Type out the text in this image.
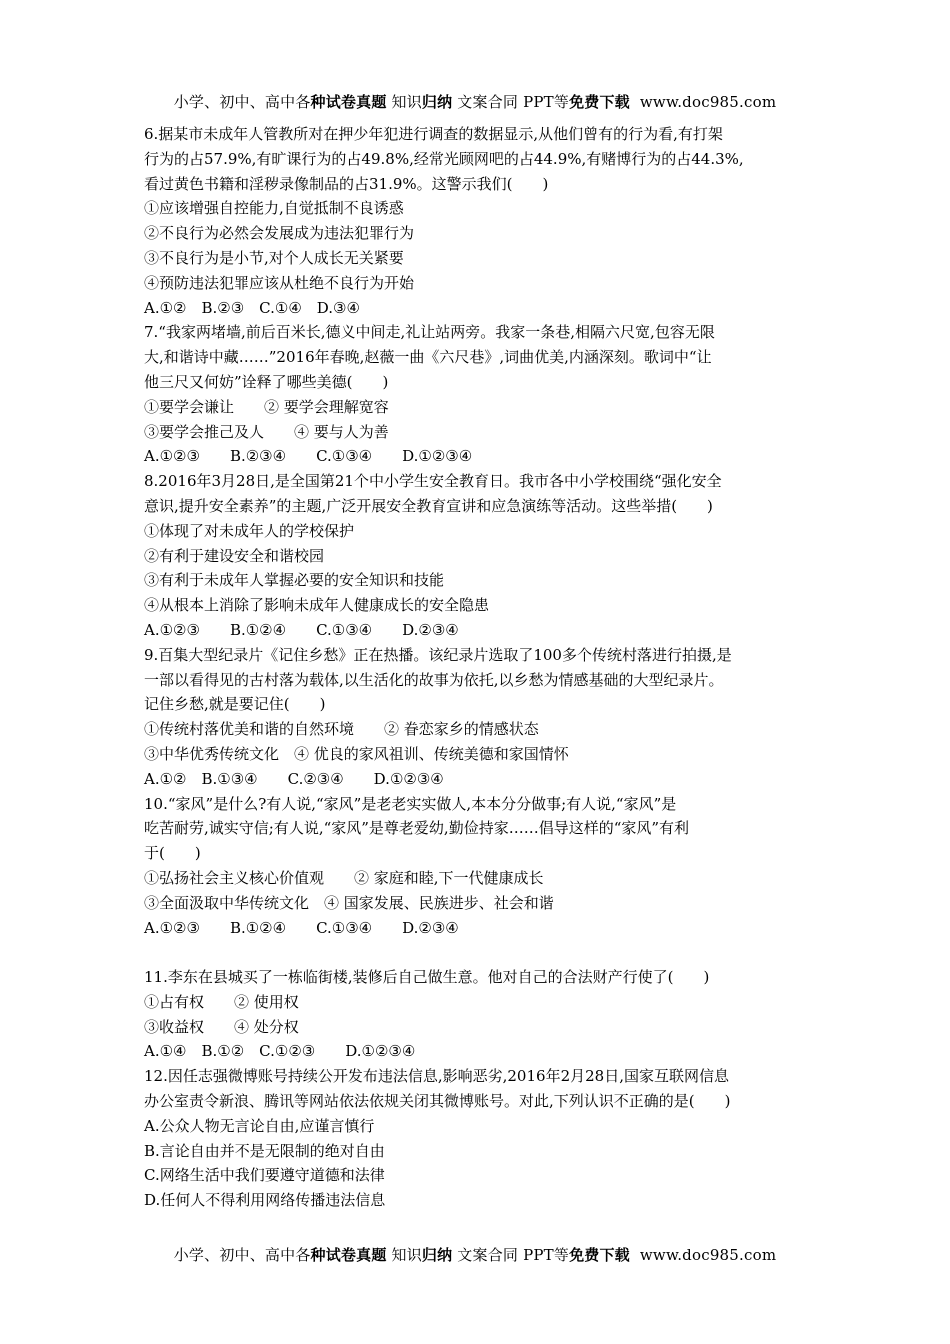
小学、初中、高中各种试卷真题 知识归纳 文案合同 PPT等免费下载 www.doc985.com
6.据某市未成年人管教所对在押少年犯进行调查的数据显示,从他们曾有的行为看,有打架
行为的占57.9%,有旷课行为的占49.8%,经常光顾网吧的占44.9%,有赌博行为的占44.3%,
看过黄色书籍和淫秽录像制品的占31.9%。这警示我们(　　)
①应该增强自控能力,自觉抵制不良诱惑
②不良行为必然会发展成为违法犯罪行为
③不良行为是小节,对个人成长无关紧要
④预防违法犯罪应该从杜绝不良行为开始
A.①②　B.②③　C.①④　D.③④
7.“我家两堵墙,前后百米长,德义中间走,礼让站两旁。我家一条巷,相隔六尺宽,包容无限
大,和谐诗中藏……”2016年春晚,赵薇一曲《六尺巷》,词曲优美,内涵深刻。歌词中“让
他三尺又何妨”诠释了哪些美德(　　)
①要学会谦让　　② 要学会理解宽容
③要学会推己及人　　④ 要与人为善
A.①②③　　B.②③④　　C.①③④　　D.①②③④
8.2016年3月28日,是全国第21个中小学生安全教育日。我市各中小学校围绕“强化安全
意识,提升安全素养”的主题,广泛开展安全教育宣讲和应急演练等活动。这些举措(　　)
①体现了对未成年人的学校保护
②有利于建设安全和谐校园
③有利于未成年人掌握必要的安全知识和技能
④从根本上消除了影响未成年人健康成长的安全隐患
A.①②③　　B.①②④　　C.①③④　　D.②③④
9.百集大型纪录片《记住乡愁》正在热播。该纪录片选取了100多个传统村落进行拍摄,是
一部以看得见的古村落为载体,以生活化的故事为依托,以乡愁为情感基础的大型纪录片。
记住乡愁,就是要记住(　　)
①传统村落优美和谐的自然环境　　② 眷恋家乡的情感状态
③中华优秀传统文化　④ 优良的家风祖训、传统美德和家国情怀
A.①②　B.①③④　　C.②③④　　D.①②③④
10.“家风”是什么?有人说,“家风”是老老实实做人,本本分分做事;有人说,“家风”是
吃苦耐劳,诚实守信;有人说,“家风”是尊老爱幼,勤俭持家……倡导这样的“家风”有利
于(　　)
①弘扬社会主义核心价值观　　② 家庭和睦,下一代健康成长
③全面汲取中华传统文化　④ 国家发展、民族进步、社会和谐
A.①②③　　B.①②④　　C.①③④　　D.②③④
11.李东在县城买了一栋临街楼,装修后自己做生意。他对自己的合法财产行使了(　　)
①占有权　　② 使用权
③收益权　　④ 处分权
A.①④　B.①②　C.①②③　　D.①②③④
12.因任志强微博账号持续公开发布违法信息,影响恶劣,2016年2月28日,国家互联网信息
办公室责令新浪、腾讯等网站依法依规关闭其微博账号。对此,下列认识不正确的是(　　)
A.公众人物无言论自由,应谨言慎行
B.言论自由并不是无限制的绝对自由
C.网络生活中我们要遵守道德和法律
D.任何人不得利用网络传播违法信息
小学、初中、高中各种试卷真题 知识归纳 文案合同 PPT等免费下载 www.doc985.com
